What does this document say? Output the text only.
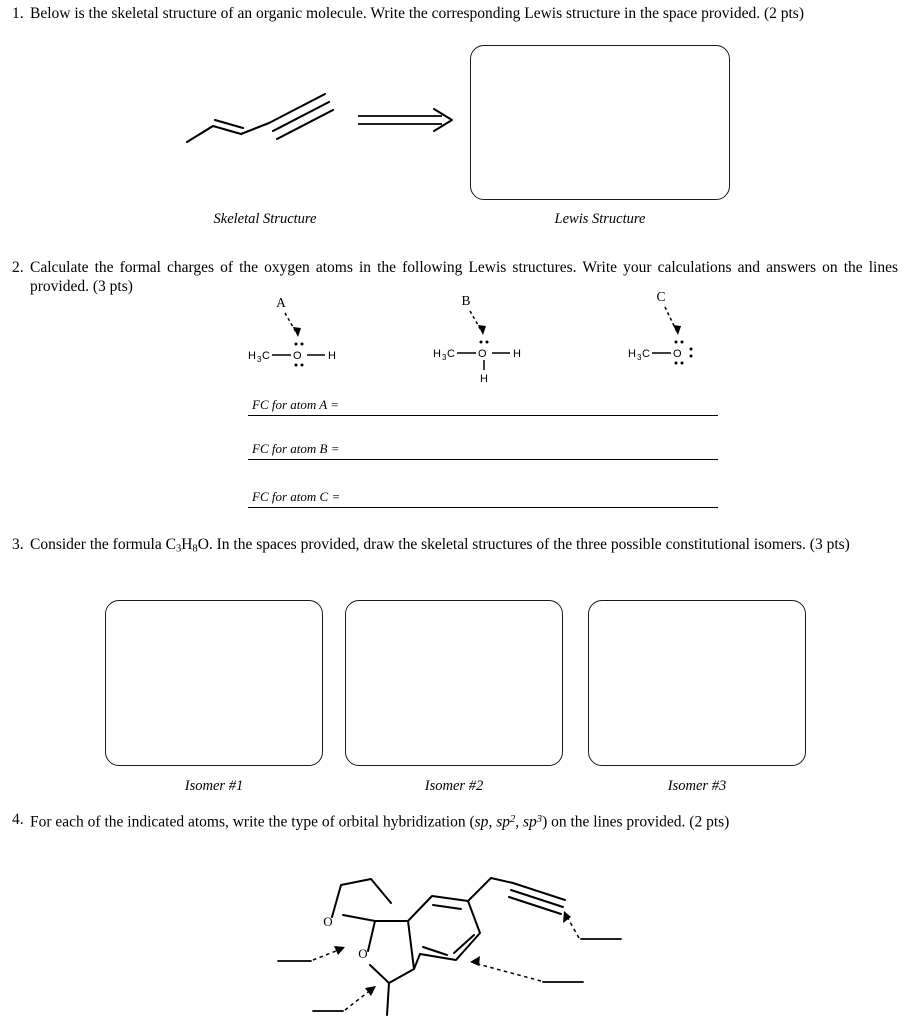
1. Below is the skeletal structure of an organic molecule. Write the corresponding Lewis structure in the space provided. (2 pts)
Skeletal Structure	Lewis Structure
2. Calculate the formal charges of the oxygen atoms in the following Lewis structures. Write your calculations and answers on the lines provided. (3 pts)
A
H 3 C O H
B
H 3 C O H
H
C
H 3 C O
FC for atom A =
FC for atom B =
FC for atom C =
3. Consider the formula $C_3H_8O$. In the spaces provided, draw the skeletal structures of the three possible constitutional isomers. (3 pts)
Isomer #1	Isomer #2	Isomer #3
4. For each of the indicated atoms, write the type of orbital hybridization (sp, $sp^2$, $sp^3$) on the lines provided. (2 pts)
O
O
